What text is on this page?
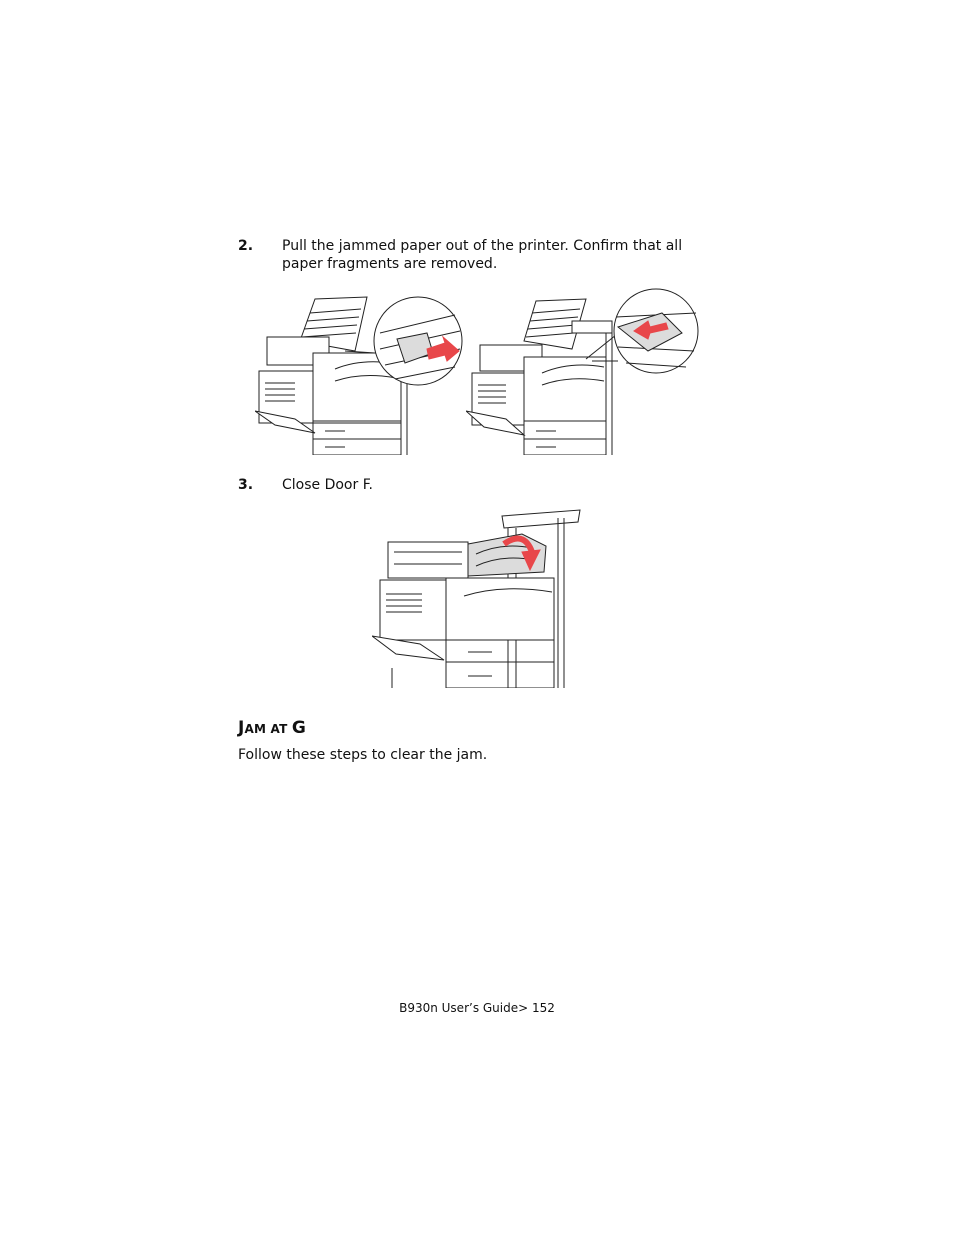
2.	Pull the jammed paper out of the printer. Confirm that all paper fragments are removed.
3.	Close Door F.
JAM AT G
Follow these steps to clear the jam.
B930n User’s Guide> 152
